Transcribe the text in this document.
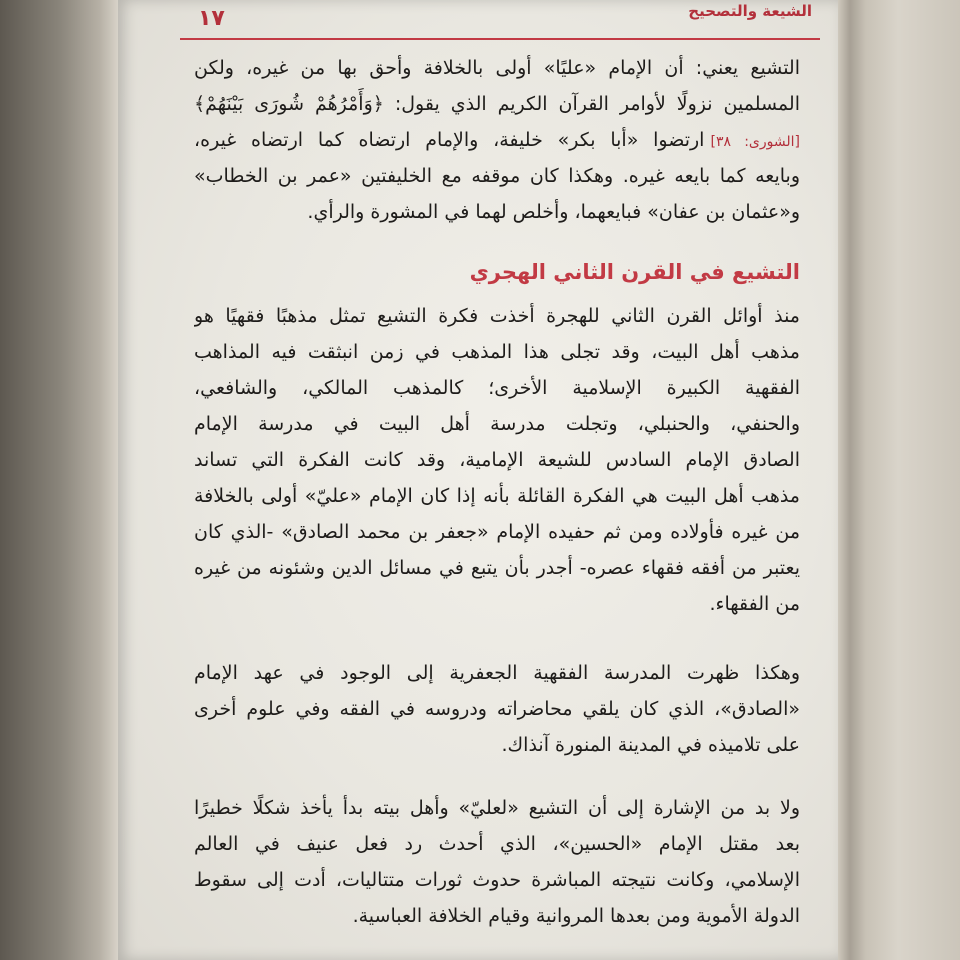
الشيعة والتصحيح
١٧
التشيع يعني: أن الإمام «عليًا» أولى بالخلافة وأحق بها من غيره، ولكن
المسلمين نزولًا لأوامر القرآن الكريم الذي يقول: ﴿وَأَمْرُهُمْ شُورَى بَيْنَهُمْ﴾
[الشورى: ٣٨]ارتضوا «أبا بكر» خليفة، والإمام ارتضاه كما ارتضاه غيره،
وبايعه كما بايعه غيره. وهكذا كان موقفه مع الخليفتين «عمر بن الخطاب»
و«عثمان بن عفان» فبايعهما، وأخلص لهما في المشورة والرأي.
التشيع في القرن الثاني الهجري
منذ أوائل القرن الثاني للهجرة أخذت فكرة التشيع تمثل مذهبًا فقهيًا هو
مذهب أهل البيت، وقد تجلى هذا المذهب في زمن انبثقت فيه المذاهب
الفقهية الكبيرة الإسلامية الأخرى؛ كالمذهب المالكي، والشافعي،
والحنفي، والحنبلي، وتجلت مدرسة أهل البيت في مدرسة الإمام
الصادق الإمام السادس للشيعة الإمامية، وقد كانت الفكرة التي تساند
مذهب أهل البيت هي الفكرة القائلة بأنه إذا كان الإمام «عليّ» أولى بالخلافة
من غيره فأولاده ومن ثم حفيده الإمام «جعفر بن محمد الصادق» -الذي كان
يعتبر من أفقه فقهاء عصره- أجدر بأن يتبع في مسائل الدين وشئونه من غيره
من الفقهاء.
وهكذا ظهرت المدرسة الفقهية الجعفرية إلى الوجود في عهد الإمام
«الصادق»، الذي كان يلقي محاضراته ودروسه في الفقه وفي علوم أخرى
على تلاميذه في المدينة المنورة آنذاك.
ولا بد من الإشارة إلى أن التشيع «لعليّ» وأهل بيته بدأ يأخذ شكلًا خطيرًا
بعد مقتل الإمام «الحسين»، الذي أحدث رد فعل عنيف في العالم
الإسلامي، وكانت نتيجته المباشرة حدوث ثورات متتاليات، أدت إلى سقوط
الدولة الأموية ومن بعدها المروانية وقيام الخلافة العباسية.
